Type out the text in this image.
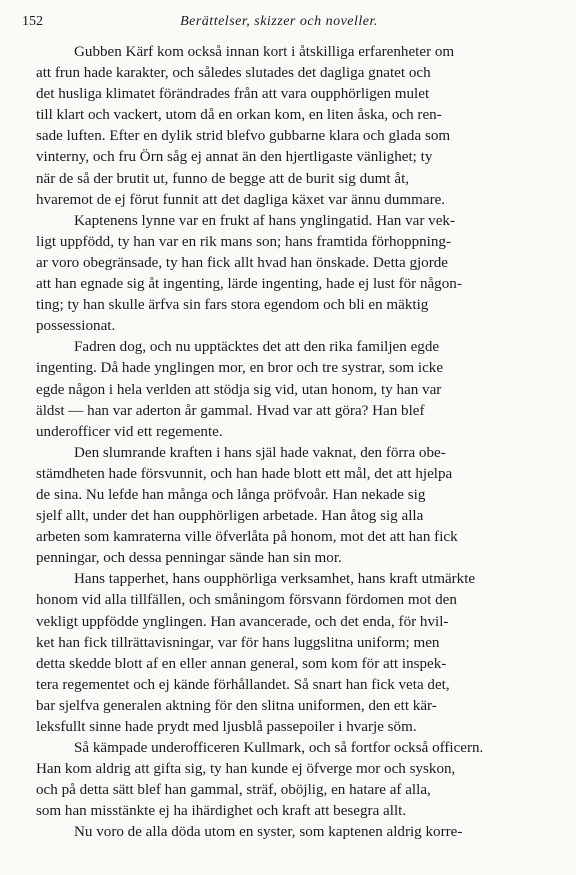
152	Berättelser, skizzer och noveller.

Gubben Kärf kom också innan kort i åtskilliga erfarenheter om
att frun hade karakter, och således slutades det dagliga gnatet och
det husliga klimatet förändrades från att vara oupphörligen mulet
till klart och vackert, utom då en orkan kom, en liten åska, och ren-
sade luften. Efter en dylik strid blefvo gubbarne klara och glada som
vinterny, och fru Örn såg ej annat än den hjertligaste vänlighet; ty
när de så der brutit ut, funno de begge att de burit sig dumt åt,
hvaremot de ej förut funnit att det dagliga käxet var ännu dummare.

Kaptenens lynne var en frukt af hans ynglingatid. Han var vek-
ligt uppfödd, ty han var en rik mans son; hans framtida förhoppning-
ar voro obegränsade, ty han fick allt hvad han önskade. Detta gjorde
att han egnade sig åt ingenting, lärde ingenting, hade ej lust för någon-
ting; ty han skulle ärfva sin fars stora egendom och bli en mäktig
possessionat.

Fadren dog, och nu upptäcktes det att den rika familjen egde
ingenting. Då hade ynglingen mor, en bror och tre systrar, som icke
egde någon i hela verlden att stödja sig vid, utan honom, ty han var
äldst — han var aderton år gammal. Hvad var att göra? Han blef
underofficer vid ett regemente.

Den slumrande kraften i hans själ hade vaknat, den förra obe-
stämdheten hade försvunnit, och han hade blott ett mål, det att hjelpa
de sina. Nu lefde han många och långa pröfvoår. Han nekade sig
sjelf allt, under det han oupphörligen arbetade. Han åtog sig alla
arbeten som kamraterna ville öfverlåta på honom, mot det att han fick
penningar, och dessa penningar sände han sin mor.

Hans tapperhet, hans oupphörliga verksamhet, hans kraft utmärkte
honom vid alla tillfällen, och småningom försvann fördomen mot den
vekligt uppfödde ynglingen. Han avancerade, och det enda, för hvil-
ket han fick tillrättavisningar, var för hans luggslitna uniform; men
detta skedde blott af en eller annan general, som kom för att inspek-
tera regementet och ej kände förhållandet. Så snart han fick veta det,
bar sjelfva generalen aktning för den slitna uniformen, den ett kär-
leksfullt sinne hade prydt med ljusblå passepoiler i hvarje söm.

Så kämpade underofficeren Kullmark, och så fortfor också officern.
Han kom aldrig att gifta sig, ty han kunde ej öfverge mor och syskon,
och på detta sätt blef han gammal, sträf, oböjlig, en hatare af alla,
som han misstänkte ej ha ihärdighet och kraft att besegra allt.

Nu voro de alla döda utom en syster, som kaptenen aldrig korre-
